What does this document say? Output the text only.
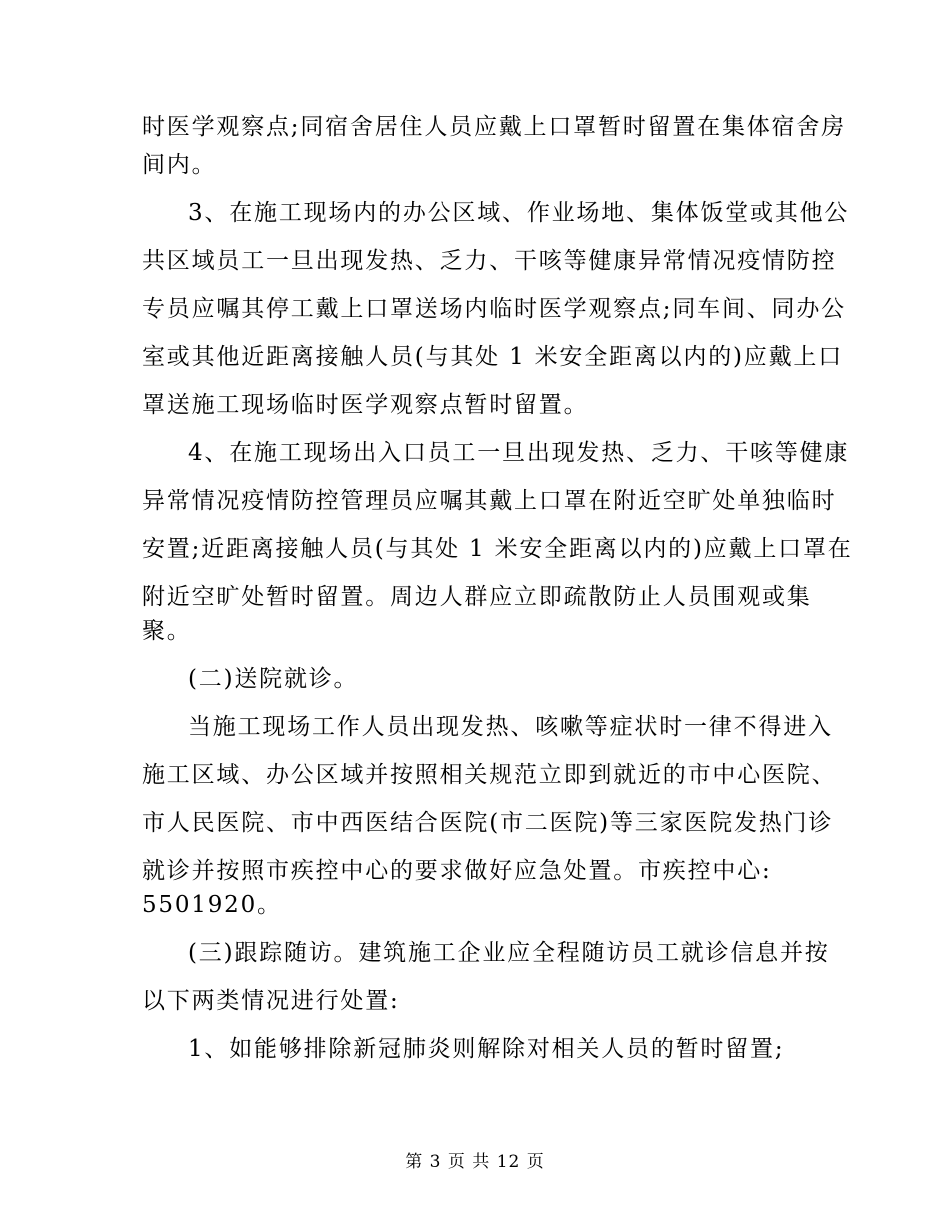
时医学观察点;同宿舍居住人员应戴上口罩暂时留置在集体宿舍房
间内。
3、在施工现场内的办公区域、作业场地、集体饭堂或其他公
共区域员工一旦出现发热、乏力、干咳等健康异常情况疫情防控
专员应嘱其停工戴上口罩送场内临时医学观察点;同车间、同办公
室或其他近距离接触人员(与其处 1 米安全距离以内的)应戴上口
罩送施工现场临时医学观察点暂时留置。
4、在施工现场出入口员工一旦出现发热、乏力、干咳等健康
异常情况疫情防控管理员应嘱其戴上口罩在附近空旷处单独临时
安置;近距离接触人员(与其处 1 米安全距离以内的)应戴上口罩在
附近空旷处暂时留置。周边人群应立即疏散防止人员围观或集
聚。
(二)送院就诊。
当施工现场工作人员出现发热、咳嗽等症状时一律不得进入
施工区域、办公区域并按照相关规范立即到就近的市中心医院、
市人民医院、市中西医结合医院(市二医院)等三家医院发热门诊
就诊并按照市疾控中心的要求做好应急处置。市疾控中心:
5501920。
(三)跟踪随访。建筑施工企业应全程随访员工就诊信息并按
以下两类情况进行处置:
1、如能够排除新冠肺炎则解除对相关人员的暂时留置;
第 3 页 共 12 页
